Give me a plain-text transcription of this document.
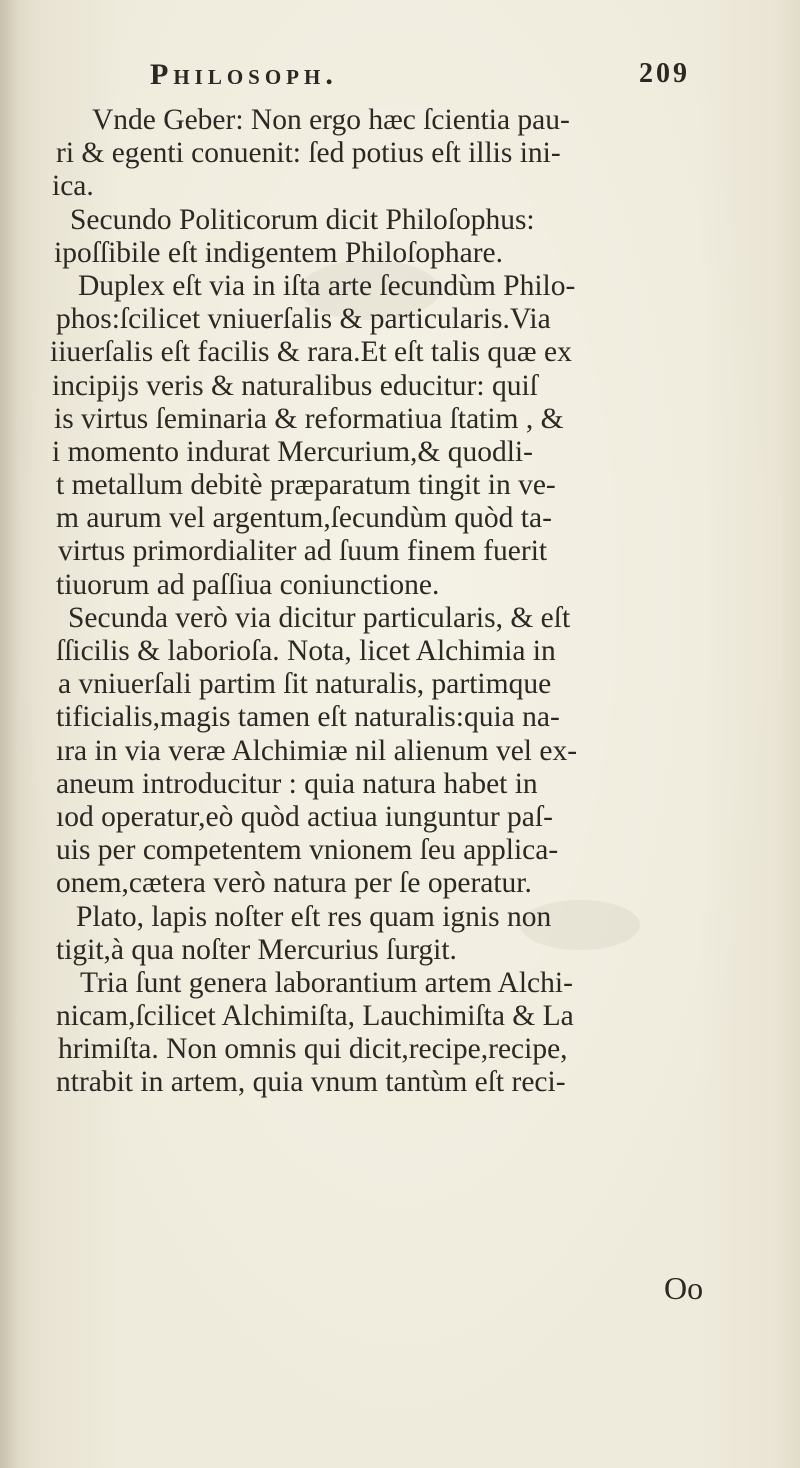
Philosoph.	209
Vnde Geber: Non ergo hæc ſcientia pau-
ri & egenti conuenit: ſed potius eſt illis ini-
ica.
Secundo Politicorum dicit Philoſophus:
ipoſſibile eſt indigentem Philoſophare.
Duplex eſt via in iſta arte ſecundùm Philo-
phos:ſcilicet vniuerſalis & particularis.Via
iiuerſalis eſt facilis & rara.Et eſt talis quæ ex
incipijs veris & naturalibus educitur: quiſ
is virtus ſeminaria & reformatiua ſtatim , &
i momento indurat Mercurium,& quodli-
t metallum debitè præparatum tingit in ve-
m aurum vel argentum,ſecundùm quòd ta-
virtus primordialiter ad ſuum finem fuerit
tiuorum ad paſſiua coniunctione.
Secunda verò via dicitur particularis, & eſt
ſſicilis & laborioſa. Nota, licet Alchimia in
a vniuerſali partim ſit naturalis, partimque
tificialis,magis tamen eſt naturalis:quia na-
ıra in via veræ Alchimiæ nil alienum vel ex-
aneum introducitur : quia natura habet in
ıod operatur,eò quòd actiua iunguntur paſ-
uis per competentem vnionem ſeu applica-
onem,cætera verò natura per ſe operatur.
Plato, lapis noſter eſt res quam ignis non
tigit,à qua noſter Mercurius ſurgit.
Tria ſunt genera laborantium artem Alchi-
nicam,ſcilicet Alchimiſta, Lauchimiſta & La
hrimiſta. Non omnis qui dicit,recipe,recipe,
ntrabit in artem, quia vnum tantùm eſt reci-
Oo
